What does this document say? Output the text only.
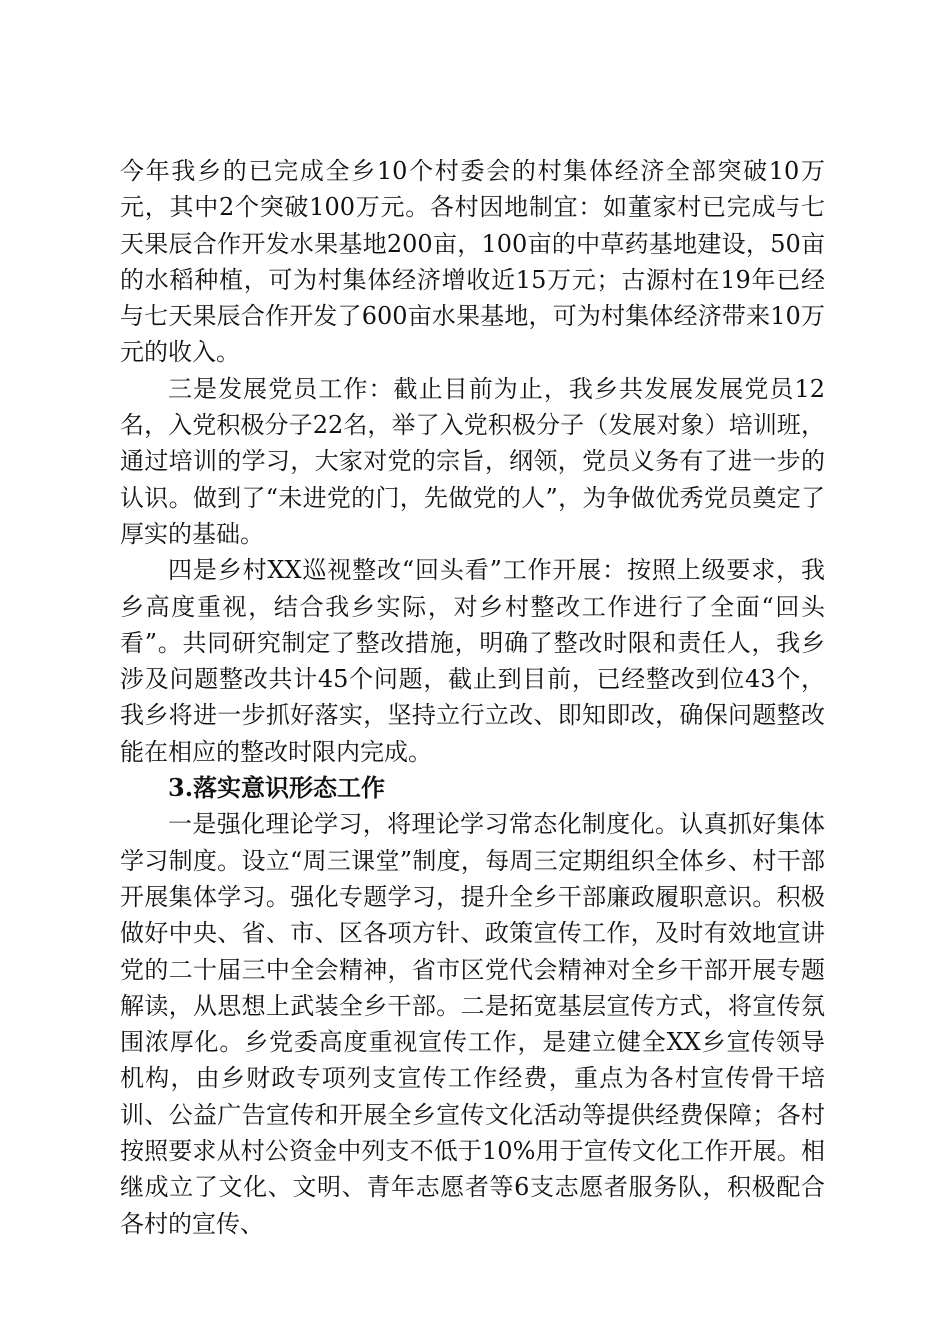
今年我乡的已完成全乡10个村委会的村集体经济全部突破10万元，其中2个突破100万元。各村因地制宜：如董家村已完成与七天果辰合作开发水果基地200亩，100亩的中草药基地建设，50亩的水稻种植，可为村集体经济增收近15万元；古源村在19年已经与七天果辰合作开发了600亩水果基地，可为村集体经济带来10万元的收入。

三是发展党员工作：截止目前为止，我乡共发展发展党员12名，入党积极分子22名，举了入党积极分子（发展对象）培训班，通过培训的学习，大家对党的宗旨，纲领，党员义务有了进一步的认识。做到了“未进党的门，先做党的人”，为争做优秀党员奠定了厚实的基础。

四是乡村XX巡视整改“回头看”工作开展：按照上级要求，我乡高度重视，结合我乡实际，对乡村整改工作进行了全面“回头看”。共同研究制定了整改措施，明确了整改时限和责任人，我乡涉及问题整改共计45个问题，截止到目前，已经整改到位43个，我乡将进一步抓好落实，坚持立行立改、即知即改，确保问题整改能在相应的整改时限内完成。

3.落实意识形态工作

一是强化理论学习，将理论学习常态化制度化。认真抓好集体学习制度。设立“周三课堂”制度，每周三定期组织全体乡、村干部开展集体学习。强化专题学习，提升全乡干部廉政履职意识。积极做好中央、省、市、区各项方针、政策宣传工作，及时有效地宣讲党的二十届三中全会精神，省市区党代会精神对全乡干部开展专题解读，从思想上武装全乡干部。二是拓宽基层宣传方式，将宣传氛围浓厚化。乡党委高度重视宣传工作，是建立健全XX乡宣传领导机构，由乡财政专项列支宣传工作经费，重点为各村宣传骨干培训、公益广告宣传和开展全乡宣传文化活动等提供经费保障；各村按照要求从村公资金中列支不低于10%用于宣传文化工作开展。相继成立了文化、文明、青年志愿者等6支志愿者服务队，积极配合各村的宣传、
